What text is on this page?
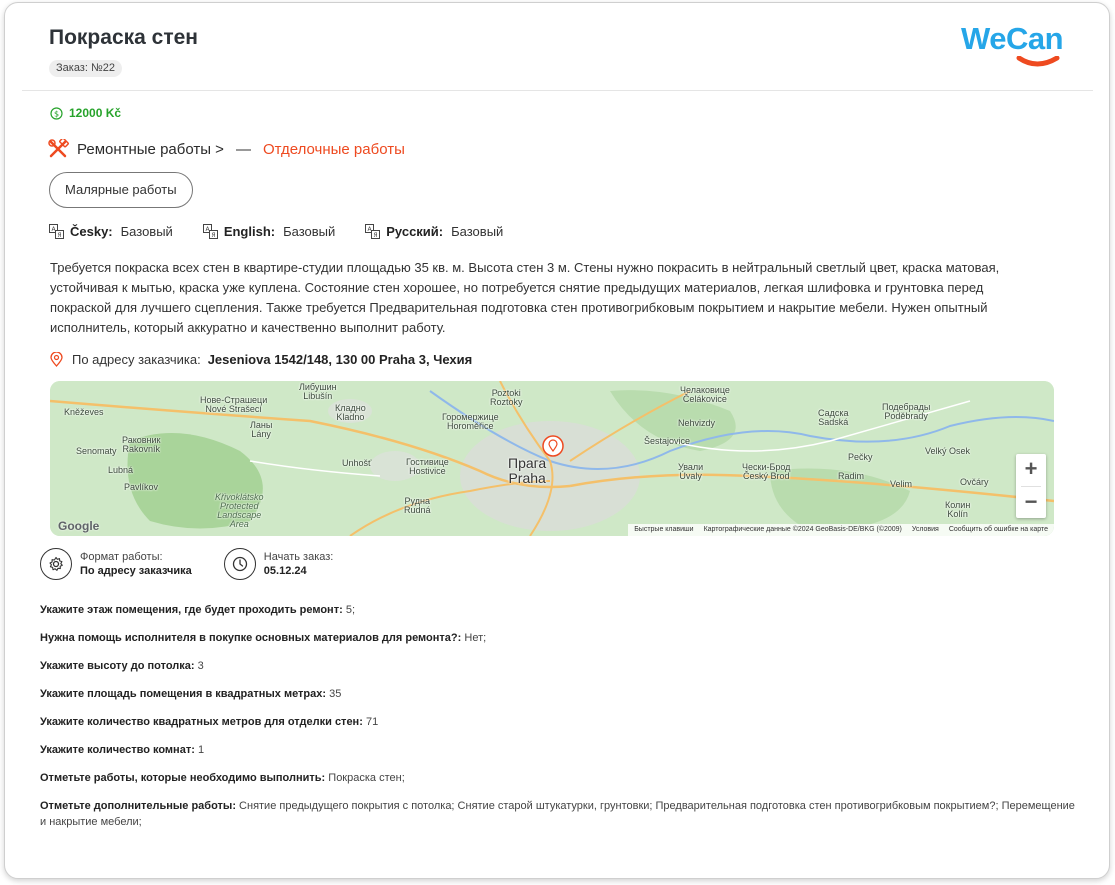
Покраска стен
Заказ: №22
WeCan
$ 12000 Kč
Ремонтные работы > — Отделочные работы
Малярные работы
A
Я Česky: Базовый	A
Я English: Базовый	A
Я Русский: Базовый
Требуется покраска всех стен в квартире-студии площадью 35 кв. м. Высота стен 3 м. Стены нужно покрасить в нейтральный светлый цвет, краска матовая, устойчивая к мытью, краска уже куплена. Состояние стен хорошее, но потребуется снятие предыдущих материалов, легкая шлифовка и грунтовка перед покраской для лучшего сцепления. Также требуется Предварительная подготовка стен противогрибковым покрытием и накрытие мебели. Нужен опытный исполнитель, который аккуратно и качественно выполнит работу.
По адресу заказчика: Jeseniova 1542/148, 130 00 Praha 3, Чехия
Kněževes
Нове-Страшеци
Nové Strašecí
Либушин
Libušín
Кладно
Kladno
Ланы
Lány
Раковник
Rakovník
Senomaty
Lubná
Pavlíkov
Křivoklátsko
Protected
Landscape
Area
Unhošť	Гостивице
Hostivice
Рудна
Rudná
Горомержице
Horoměřice
Роztoki
Roztoky
Прага
Praha
Челаковице
Čelákovice
Šestajovice
Nehvizdy
Ували
Úvaly
Чески-Брод
Český Brod	Radim
Садска
Sadská
Подебрады
Poděbrady
Pečky
Velim
Velký Osek
Ovčáry
Колин
Kolín
+
−
Google	Быстрые клавиши Картографические данные ©2024 GeoBasis-DE/BKG (©2009) Условия Сообщить об ошибке на карте
Формат работы:
По адресу заказчика
Начать заказ:
05.12.24
Укажите этаж помещения, где будет проходить ремонт: 5;
Нужна помощь исполнителя в покупке основных материалов для ремонта?: Нет;
Укажите высоту до потолка: 3
Укажите площадь помещения в квадратных метрах: 35
Укажите количество квадратных метров для отделки стен: 71
Укажите количество комнат: 1
Отметьте работы, которые необходимо выполнить: Покраска стен;
Отметьте дополнительные работы: Снятие предыдущего покрытия с потолка; Снятие старой штукатурки, грунтовки; Предварительная подготовка стен противогрибковым покрытием?; Перемещение и накрытие мебели;
